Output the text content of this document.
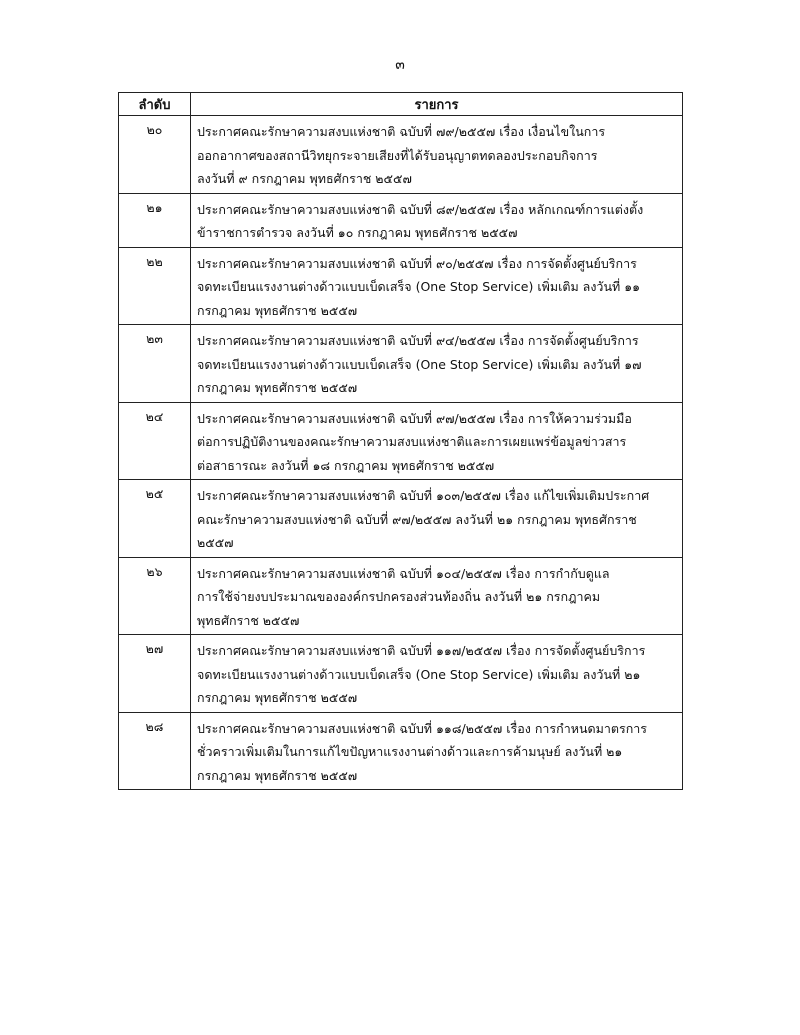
๓
ลำดับ	รายการ
๒๐	ประกาศคณะรักษาความสงบแห่งชาติ ฉบับที่ ๗๙/๒๕๕๗ เรื่อง เงื่อนไขในการ
ออกอากาศของสถานีวิทยุกระจายเสียงที่ได้รับอนุญาตทดลองประกอบกิจการ
ลงวันที่ ๙ กรกฎาคม พุทธศักราช ๒๕๕๗

๒๑	ประกาศคณะรักษาความสงบแห่งชาติ ฉบับที่ ๘๙/๒๕๕๗ เรื่อง หลักเกณฑ์การแต่งตั้ง
ข้าราชการตำรวจ ลงวันที่ ๑๐ กรกฎาคม พุทธศักราช ๒๕๕๗

๒๒	ประกาศคณะรักษาความสงบแห่งชาติ ฉบับที่ ๙๐/๒๕๕๗ เรื่อง การจัดตั้งศูนย์บริการ
จดทะเบียนแรงงานต่างด้าวแบบเบ็ดเสร็จ (One Stop Service) เพิ่มเติม ลงวันที่ ๑๑
กรกฎาคม พุทธศักราช ๒๕๕๗

๒๓	ประกาศคณะรักษาความสงบแห่งชาติ ฉบับที่ ๙๔/๒๕๕๗ เรื่อง การจัดตั้งศูนย์บริการ
จดทะเบียนแรงงานต่างด้าวแบบเบ็ดเสร็จ (One Stop Service) เพิ่มเติม ลงวันที่ ๑๗
กรกฎาคม พุทธศักราช ๒๕๕๗

๒๔	ประกาศคณะรักษาความสงบแห่งชาติ ฉบับที่ ๙๗/๒๕๕๗ เรื่อง การให้ความร่วมมือ
ต่อการปฏิบัติงานของคณะรักษาความสงบแห่งชาติและการเผยแพร่ข้อมูลข่าวสาร
ต่อสาธารณะ ลงวันที่ ๑๘ กรกฎาคม พุทธศักราช ๒๕๕๗

๒๕	ประกาศคณะรักษาความสงบแห่งชาติ ฉบับที่ ๑๐๓/๒๕๕๗ เรื่อง แก้ไขเพิ่มเติมประกาศ
คณะรักษาความสงบแห่งชาติ ฉบับที่ ๙๗/๒๕๕๗ ลงวันที่ ๒๑ กรกฎาคม พุทธศักราช
๒๕๕๗

๒๖	ประกาศคณะรักษาความสงบแห่งชาติ ฉบับที่ ๑๐๔/๒๕๕๗ เรื่อง การกำกับดูแล
การใช้จ่ายงบประมาณขององค์กรปกครองส่วนท้องถิ่น ลงวันที่ ๒๑ กรกฎาคม
พุทธศักราช ๒๕๕๗

๒๗	ประกาศคณะรักษาความสงบแห่งชาติ ฉบับที่ ๑๑๗/๒๕๕๗ เรื่อง การจัดตั้งศูนย์บริการ
จดทะเบียนแรงงานต่างด้าวแบบเบ็ดเสร็จ (One Stop Service) เพิ่มเติม ลงวันที่ ๒๑
กรกฎาคม พุทธศักราช ๒๕๕๗

๒๘	ประกาศคณะรักษาความสงบแห่งชาติ ฉบับที่ ๑๑๘/๒๕๕๗ เรื่อง การกำหนดมาตรการ
ชั่วคราวเพิ่มเติมในการแก้ไขปัญหาแรงงานต่างด้าวและการค้ามนุษย์ ลงวันที่ ๒๑
กรกฎาคม พุทธศักราช ๒๕๕๗
